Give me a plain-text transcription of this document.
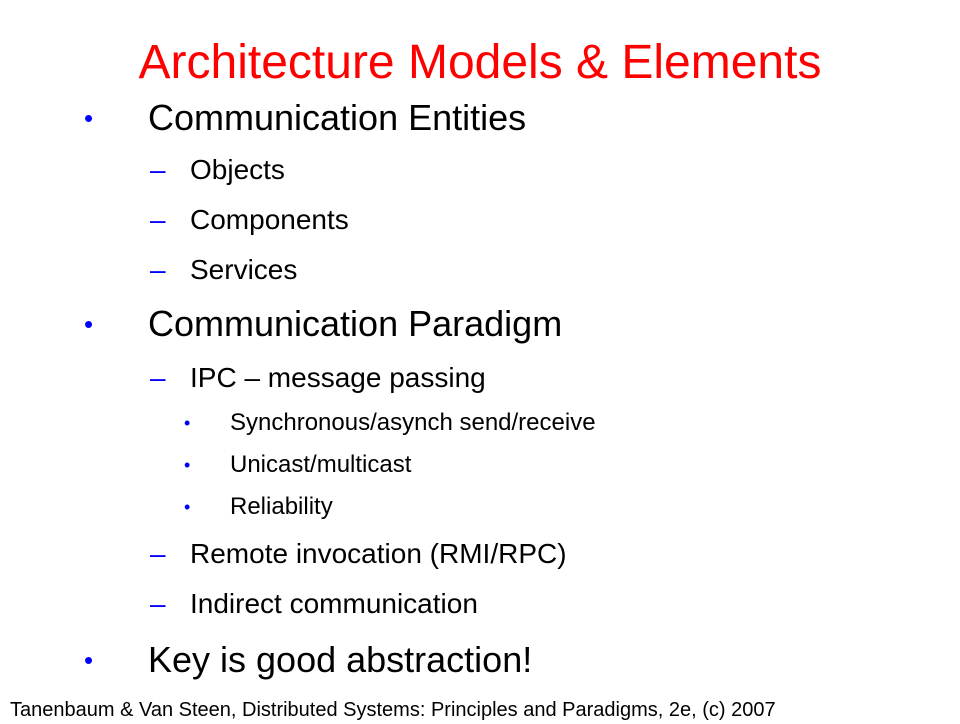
Architecture Models & Elements
• Communication Entities
– Objects
– Components
– Services
• Communication Paradigm
– IPC – message passing
• Synchronous/asynch send/receive
• Unicast/multicast
• Reliability
– Remote invocation (RMI/RPC)
– Indirect communication
• Key is good abstraction!
Tanenbaum & Van Steen, Distributed Systems: Principles and Paradigms, 2e, (c) 2007
